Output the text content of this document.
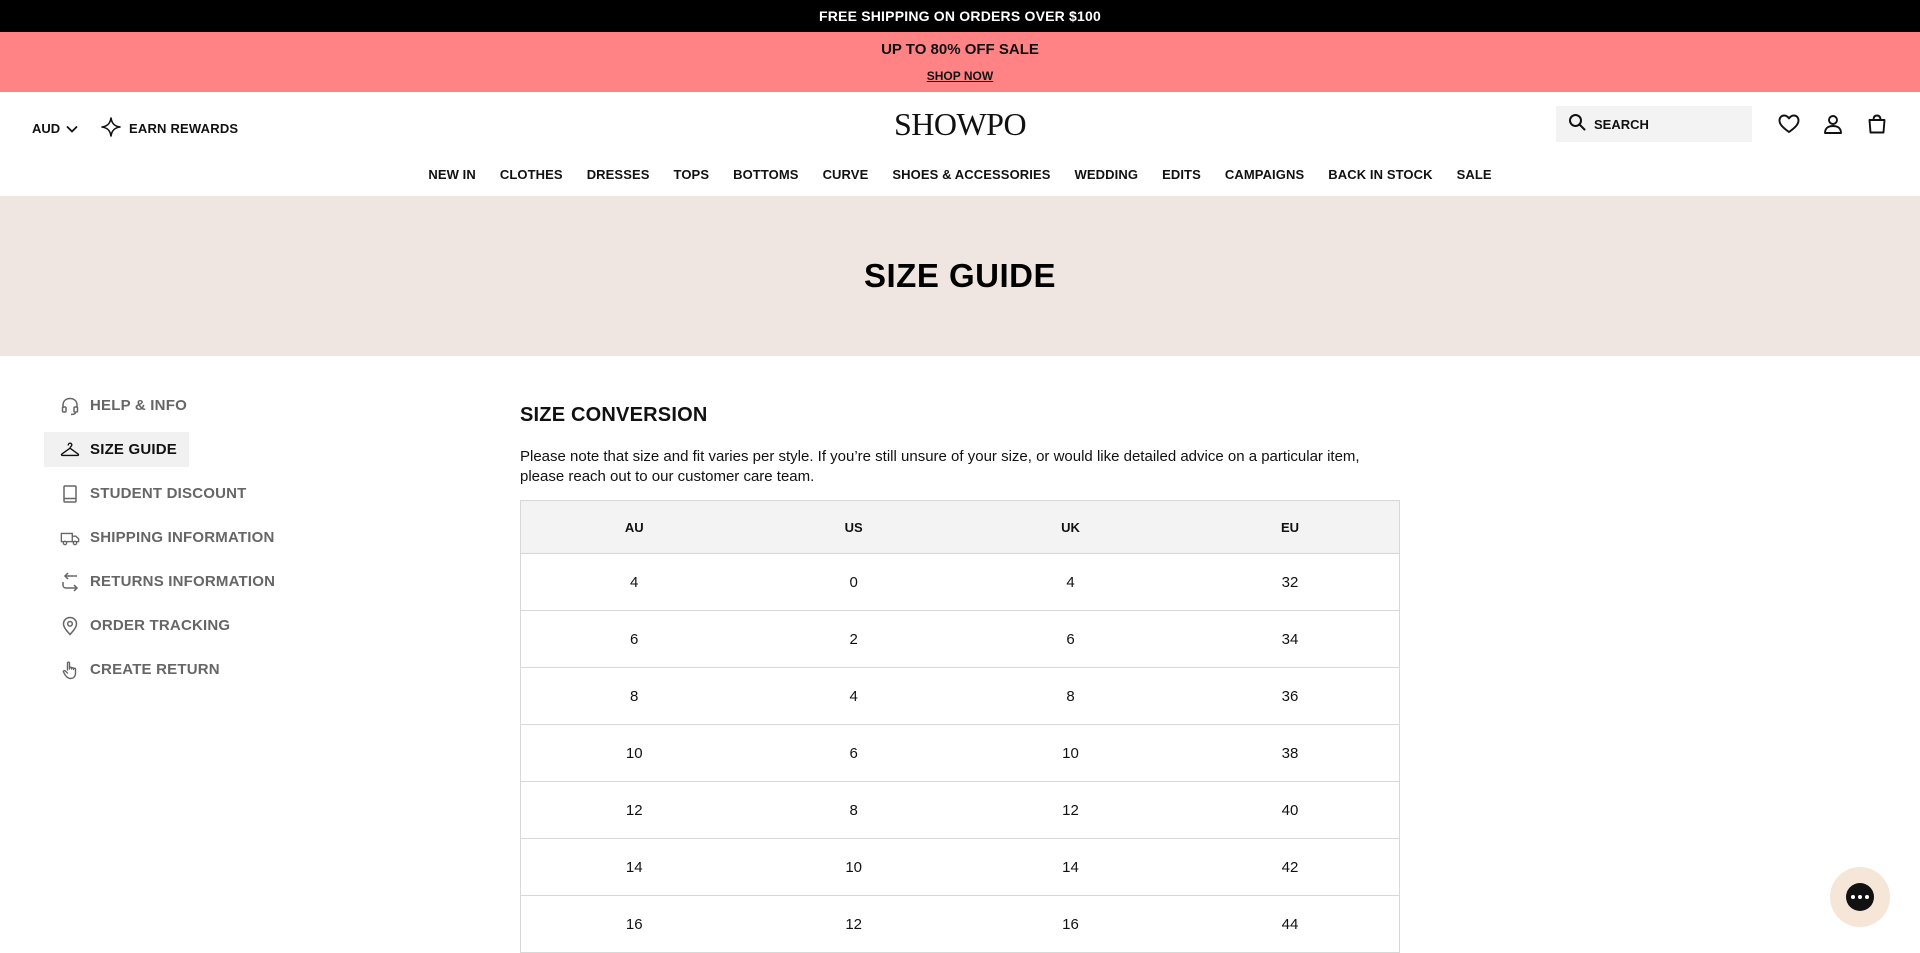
FREE SHIPPING ON ORDERS OVER $100
UP TO 80% OFF SALE
SHOP NOW
AUD	EARN REWARDS	SHOWPO
SEARCH
NEW IN	CLOTHES	DRESSES	TOPS	BOTTOMS	CURVE	SHOES & ACCESSORIES	WEDDING	EDITS	CAMPAIGNS	BACK IN STOCK	SALE
SIZE GUIDE
HELP & INFO
SIZE GUIDE
STUDENT DISCOUNT
SHIPPING INFORMATION
RETURNS INFORMATION
ORDER TRACKING
CREATE RETURN
SIZE CONVERSION

Please note that size and fit varies per style. If you’re still unsure of your size, or would like detailed advice on a particular item, please reach out to our customer care team.

AU	US	UK	EU
4	0	4	32
6	2	6	34
8	4	8	36
10	6	10	38
12	8	12	40
14	10	14	42
16	12	16	44
